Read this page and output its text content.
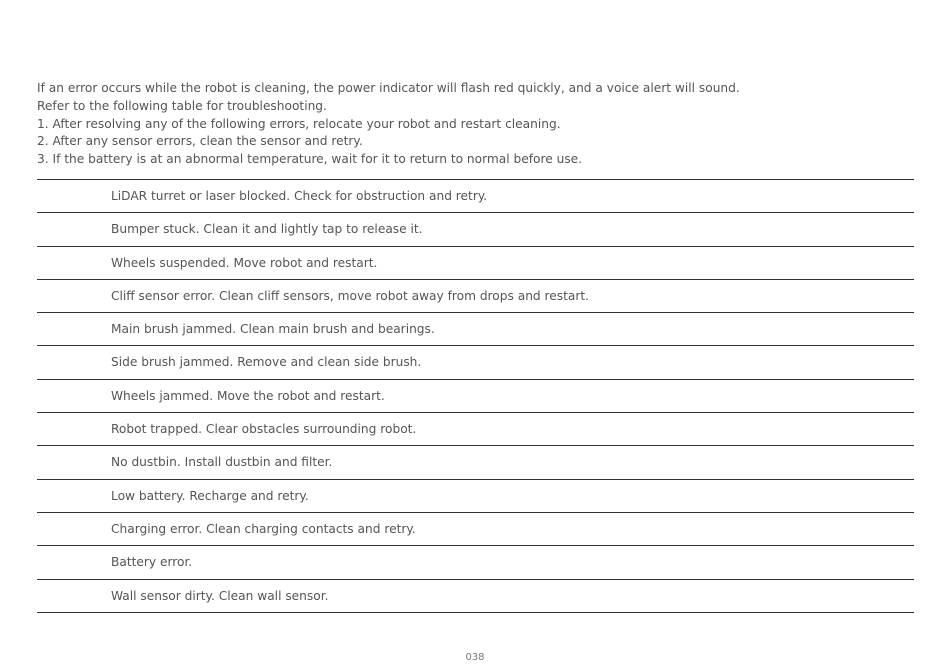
If an error occurs while the robot is cleaning, the power indicator will flash red quickly, and a voice alert will sound.
Refer to the following table for troubleshooting.
1. After resolving any of the following errors, relocate your robot and restart cleaning.
2. After any sensor errors, clean the sensor and retry.
3. If the battery is at an abnormal temperature, wait for it to return to normal before use.
LiDAR turret or laser blocked. Check for obstruction and retry.
Bumper stuck. Clean it and lightly tap to release it.
Wheels suspended. Move robot and restart.
Cliff sensor error. Clean cliff sensors, move robot away from drops and restart.
Main brush jammed. Clean main brush and bearings.
Side brush jammed. Remove and clean side brush.
Wheels jammed. Move the robot and restart.
Robot trapped. Clear obstacles surrounding robot.
No dustbin. Install dustbin and filter.
Low battery. Recharge and retry.
Charging error. Clean charging contacts and retry.
Battery error.
Wall sensor dirty. Clean wall sensor.
038
